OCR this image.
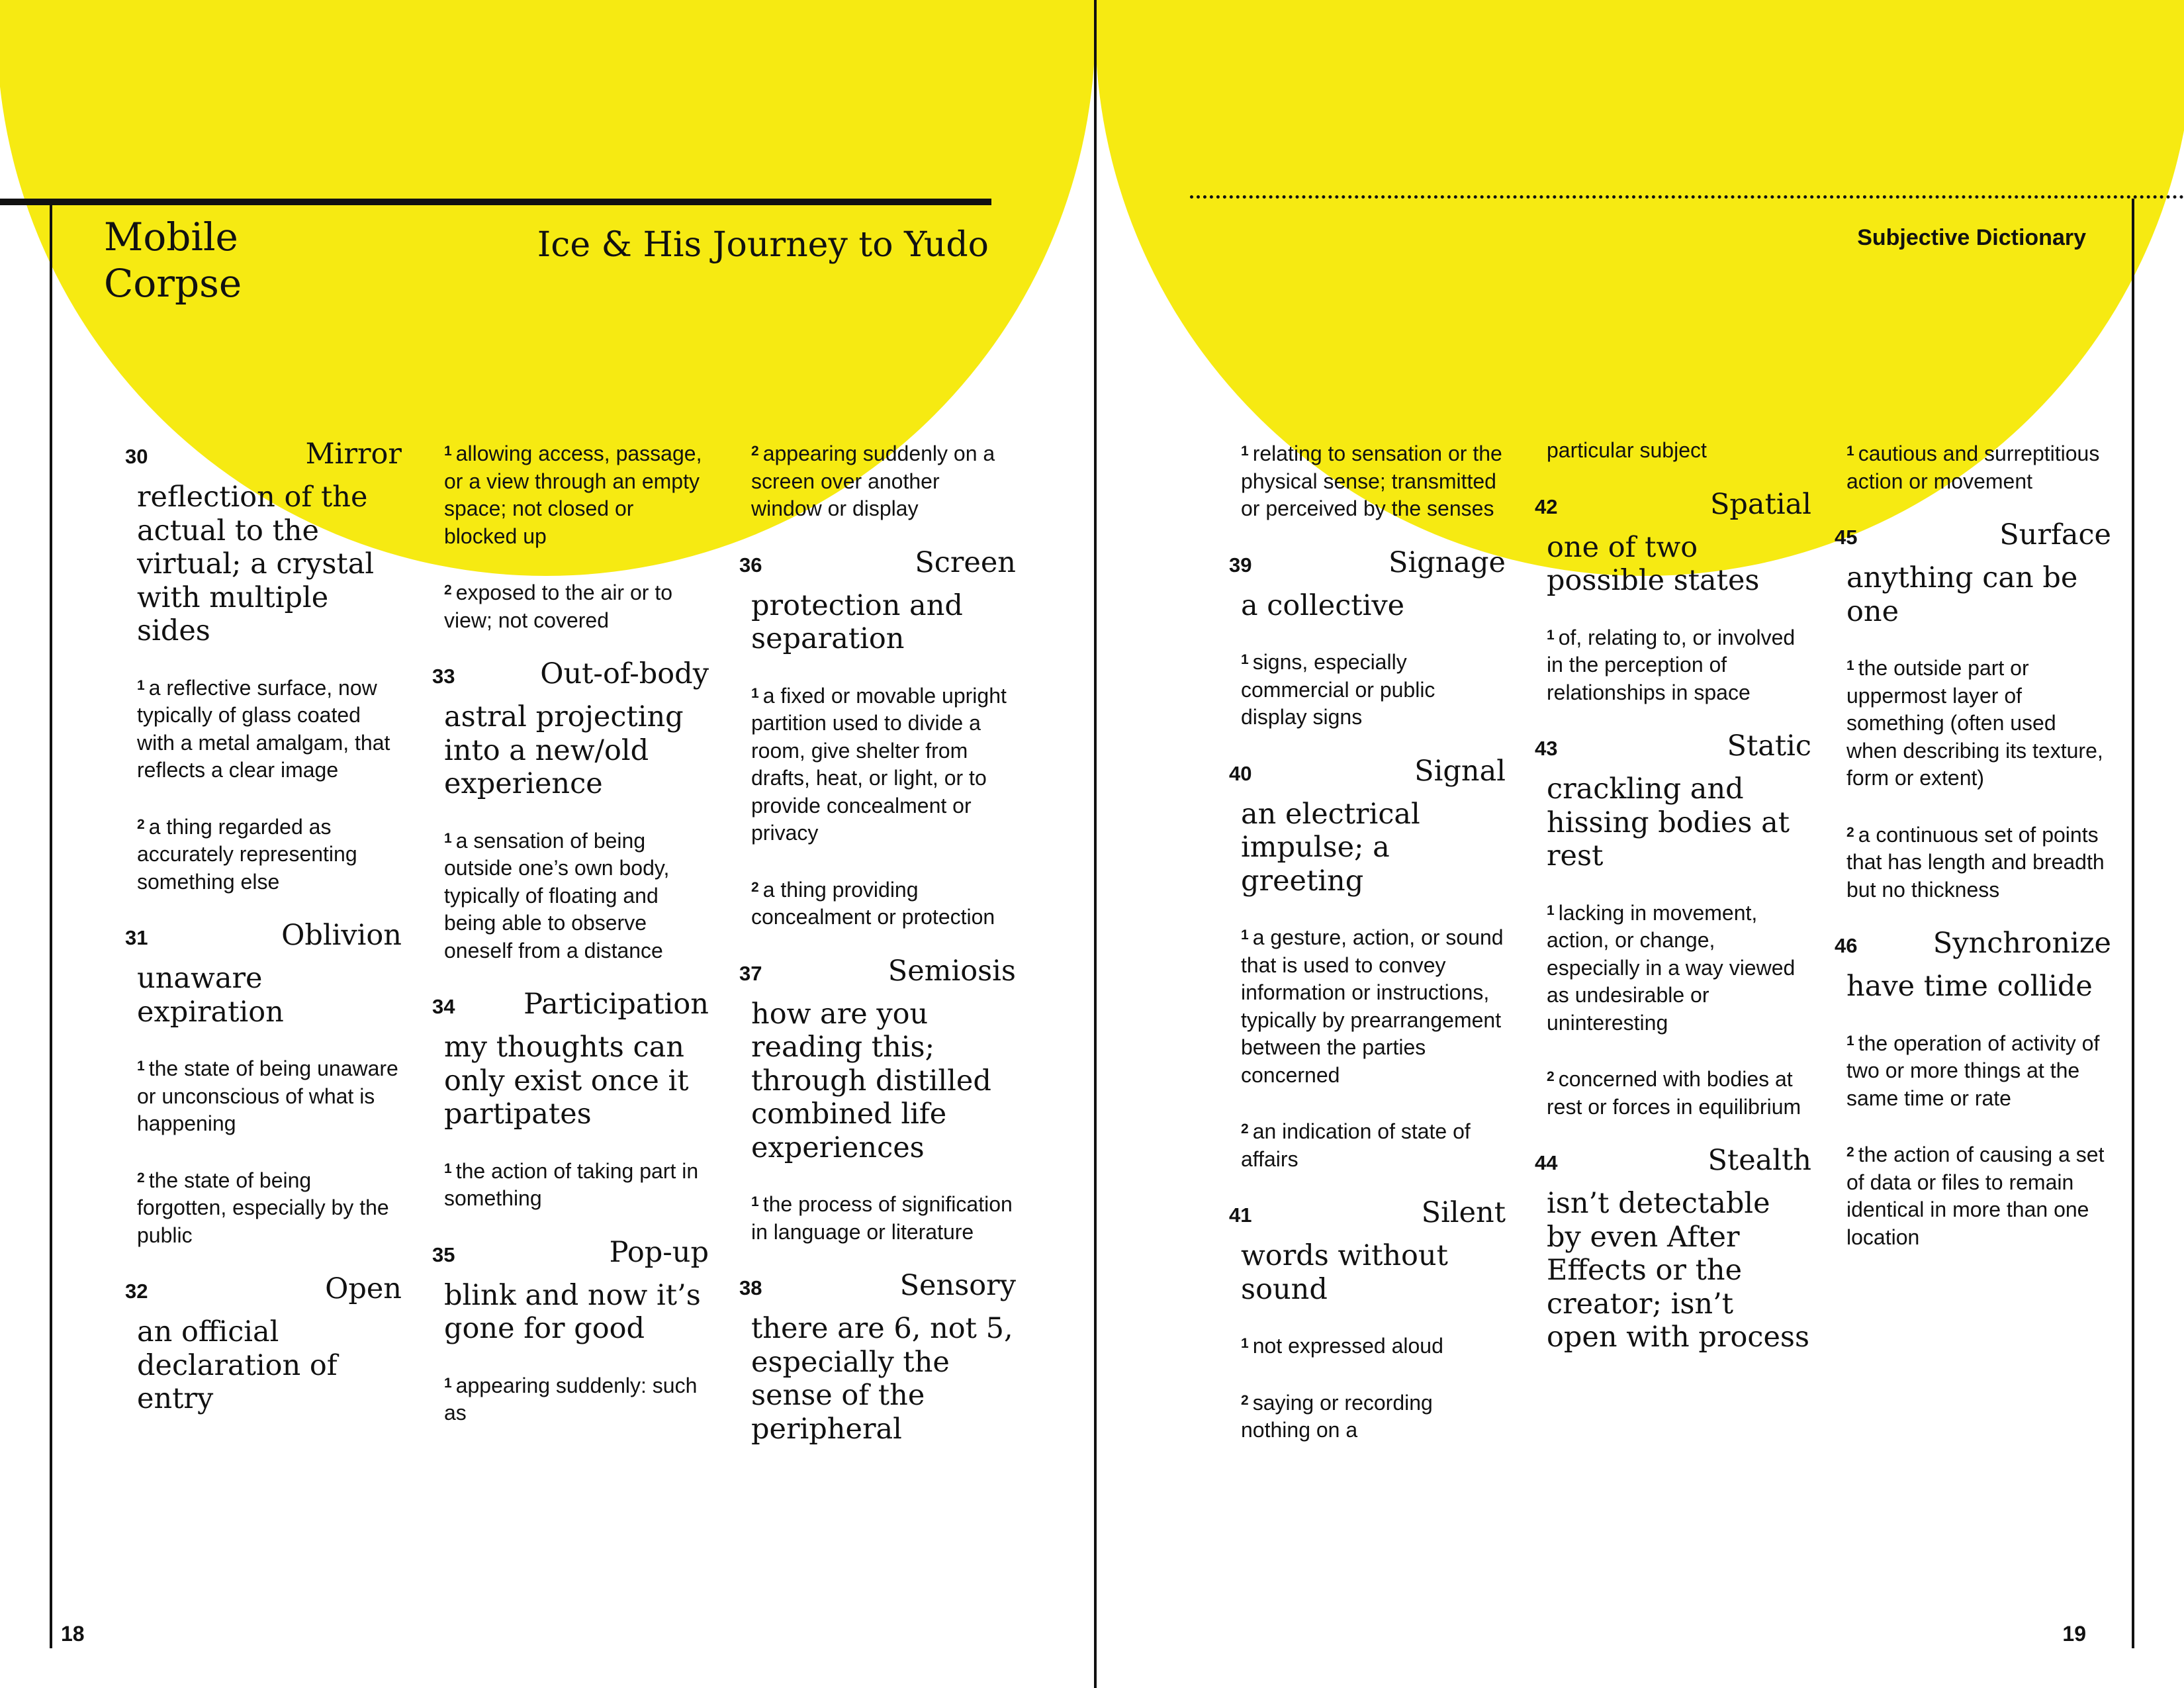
Mobile
Corpse
Ice & His Journey to Yudo	Subjective Dictionary
18	19
30	Mirror

reflection of the actual to the virtual; a crystal with multiple sides

$^1$ a reflective surface, now typically of glass coated with a metal amalgam, that reflects a clear image

$^2$ a thing regarded as accurately representing something else

31	Oblivion

unaware expiration

$^1$ the state of being unaware or unconscious of what is happening

$^2$ the state of being forgotten, especially by the public

32	Open

an official declaration of entry

$^1$ allowing access, passage, or a view through an empty space; not closed or blocked up

$^2$ exposed to the air or to view; not covered

33	Out-of-body

astral projecting into a new/old experience

$^1$ a sensation of being outside one’s own body, typically of floating and being able to observe oneself from a distance

34 Participation

my thoughts can only exist once it partipates

$^1$ the action of taking part in something

35	Pop-up

blink and now it’s gone for good

$^1$ appearing suddenly: such as

$^2$ appearing suddenly on a screen over another window or display

36	Screen

protection and separation

$^1$ a fixed or movable upright partition used to divide a room, give shelter from drafts, heat, or light, or to provide concealment or privacy

$^2$ a thing providing concealment or protection

37	Semiosis

how are you reading this; through distilled combined life experiences

$^1$ the process of signification in language or literature

38	Sensory

there are 6, not 5, especially the sense of the peripheral

$^1$ relating to sensation or the physical sense; transmitted or perceived by the senses

39	Signage

a collective

$^1$ signs, especially commercial or public display signs

40	Signal

an electrical impulse; a greeting

$^1$ a gesture, action, or sound that is used to convey information or instructions, typically by prearrangement between the parties concerned

$^2$ an indication of state of affairs

41	Silent

words without sound

$^1$ not expressed aloud

$^2$ saying or recording nothing on a

particular subject

42	Spatial

one of two possible states

$^1$ of, relating to, or involved in the perception of relationships in space

43	Static

crackling and hissing bodies at rest

$^1$ lacking in movement, action, or change, especially in a way viewed as undesirable or uninteresting

$^2$ concerned with bodies at rest or forces in equilibrium

44	Stealth

isn’t detectable by even After Effects or the creator; isn’t open with process

$^1$ cautious and surreptitious action or movement

45	Surface

anything can be one

$^1$ the outside part or uppermost layer of something (often used when describing its texture, form or extent)

$^2$ a continuous set of points that has length and breadth but no thickness

46	Synchronize

have time collide

$^1$ the operation of activity of two or more things at the same time or rate

$^2$ the action of causing a set of data or files to remain identical in more than one location
